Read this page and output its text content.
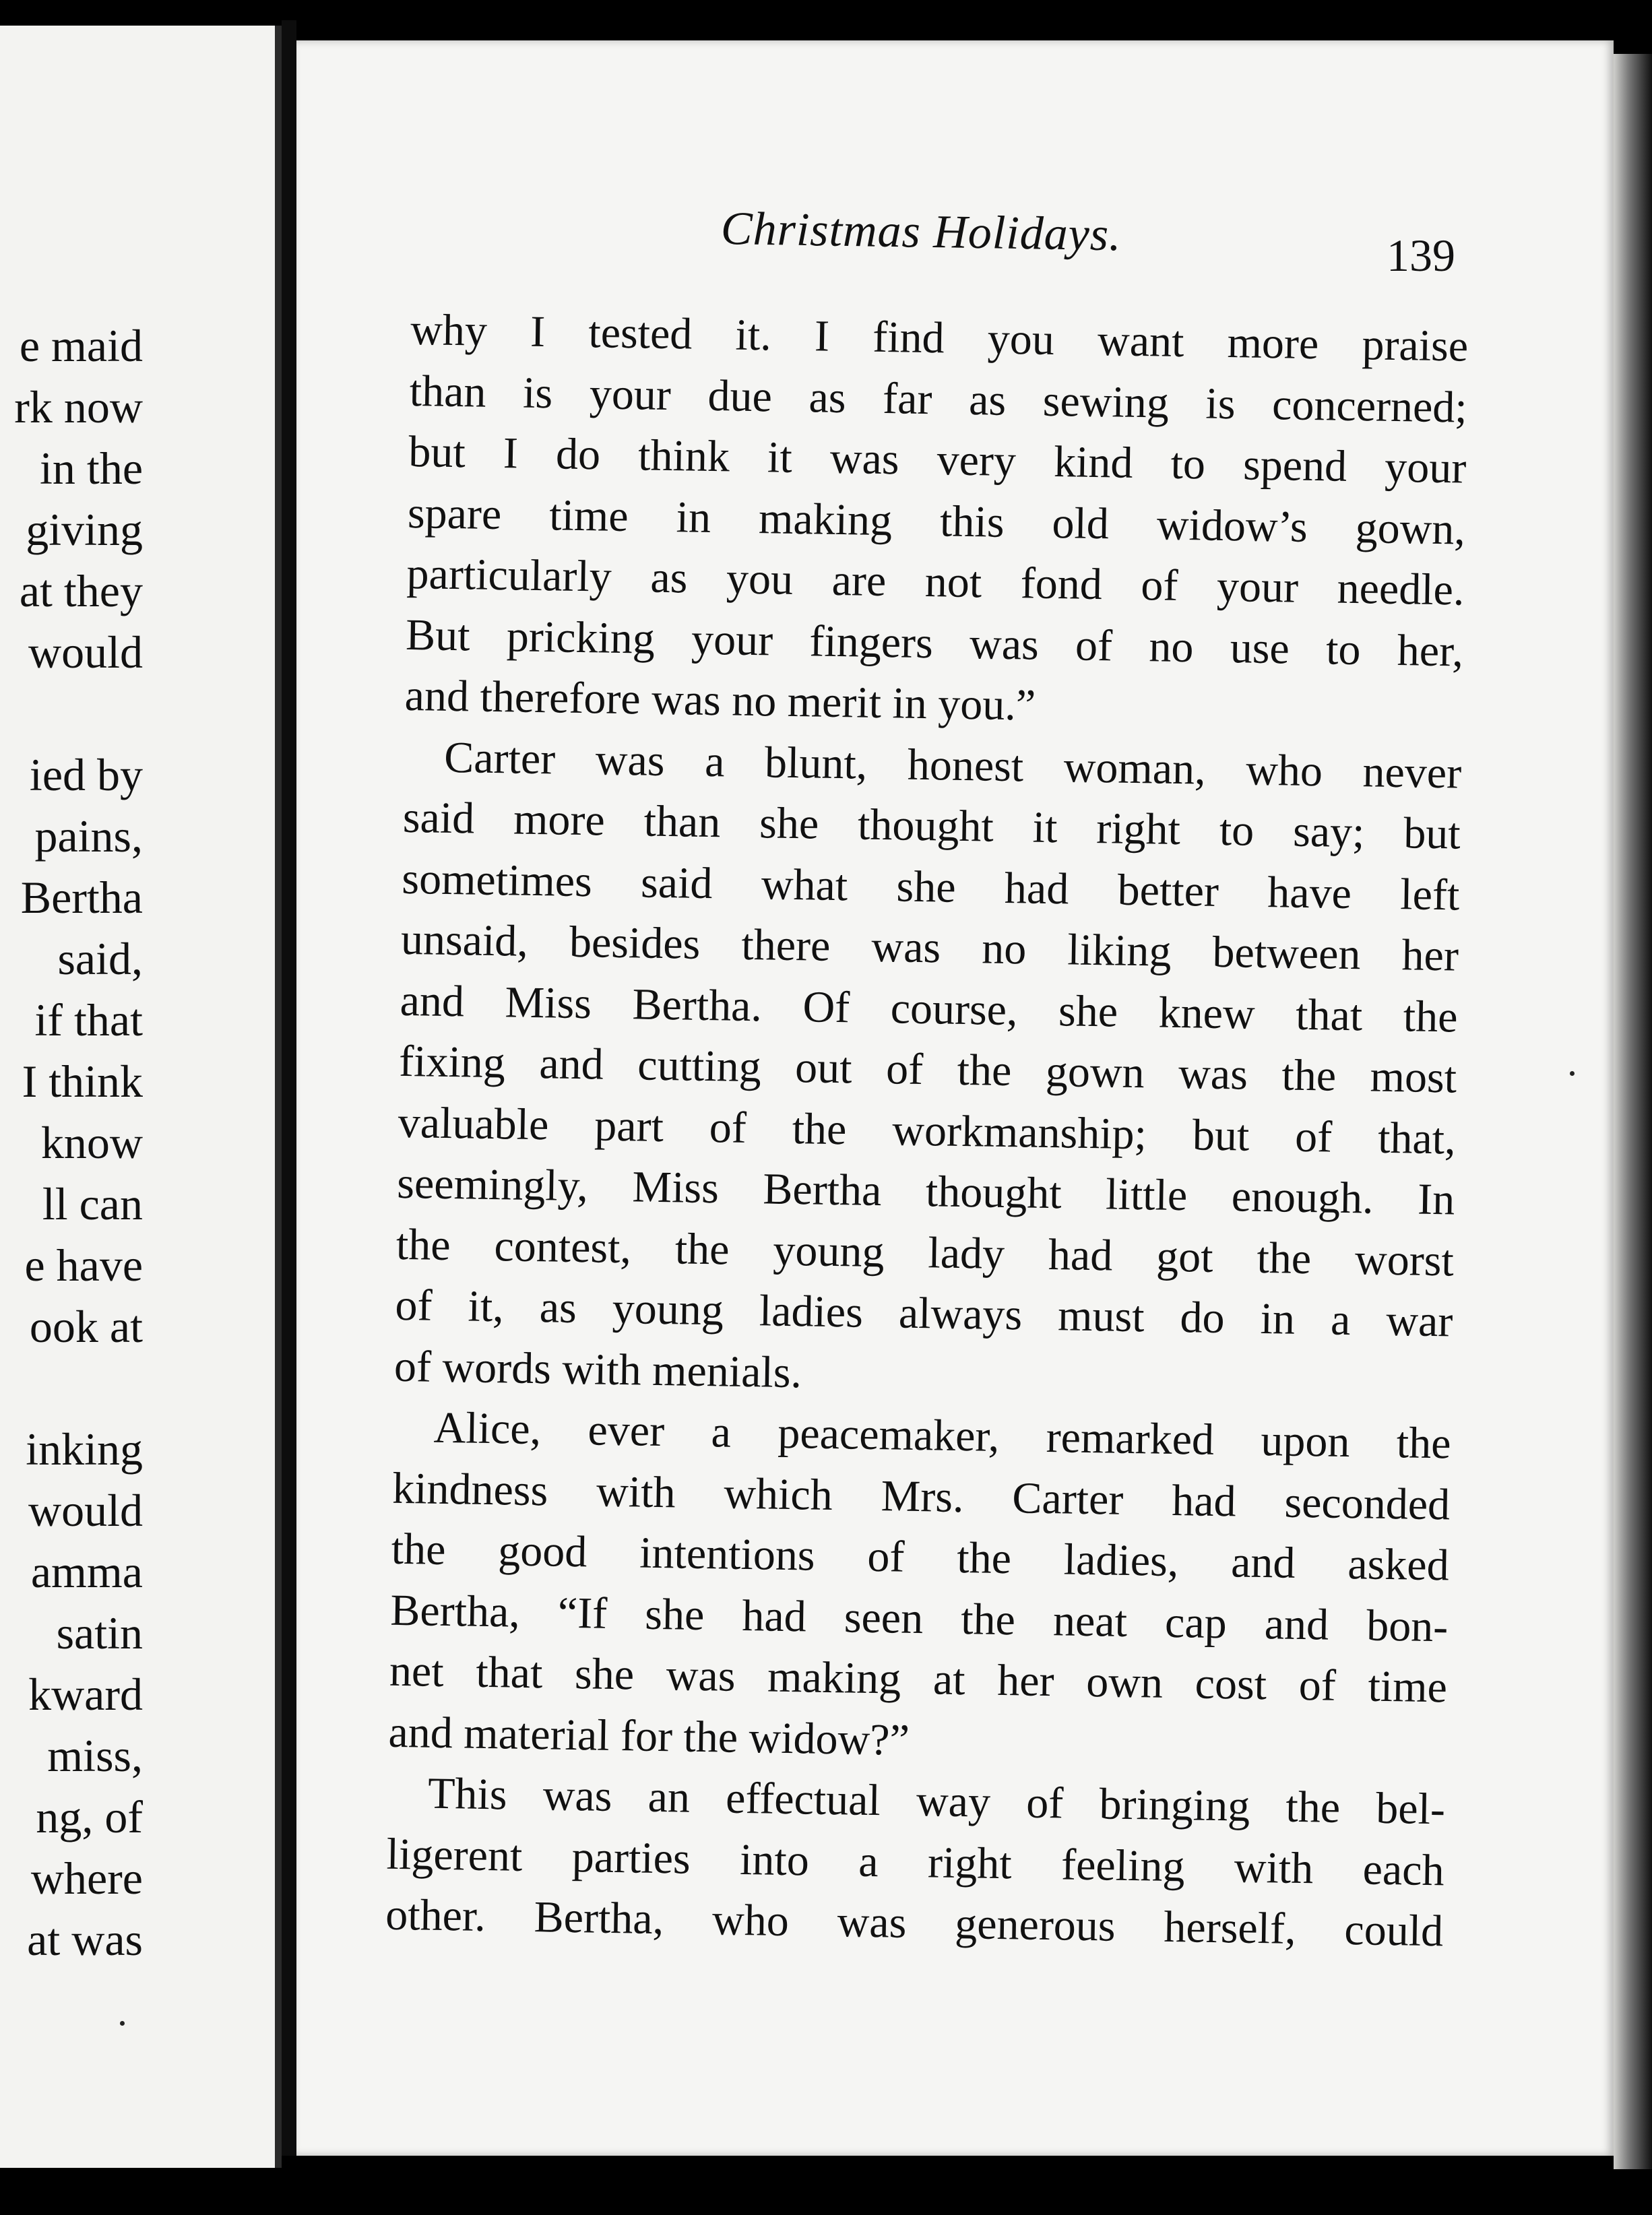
e maid
rk now
in the
giving
at they
would
ied by
pains,
Bertha
said,
if that
I think
know
ll can
e have
ook at
inking
would
amma
satin
kward
miss,
ng, of
where
at was
Christmas Holidays.	139
why I tested it. I find you want more praise
than is your due as far as sewing is concerned;
but I do think it was very kind to spend your
spare time in making this old widow’s gown,
particularly as you are not fond of your needle.
But pricking your fingers was of no use to her,
and therefore was no merit in you.”
Carter was a blunt, honest woman, who never
said more than she thought it right to say; but
sometimes said what she had better have left
unsaid, besides there was no liking between her
and Miss Bertha. Of course, she knew that the
fixing and cutting out of the gown was the most
valuable part of the workmanship; but of that,
seemingly, Miss Bertha thought little enough. In
the contest, the young lady had got the worst
of it, as young ladies always must do in a war
of words with menials.
Alice, ever a peacemaker, remarked upon the
kindness with which Mrs. Carter had seconded
the good intentions of the ladies, and asked
Bertha, “If she had seen the neat cap and bon-
net that she was making at her own cost of time
and material for the widow?”
This was an effectual way of bringing the bel-
ligerent parties into a right feeling with each
other. Bertha, who was generous herself, could
